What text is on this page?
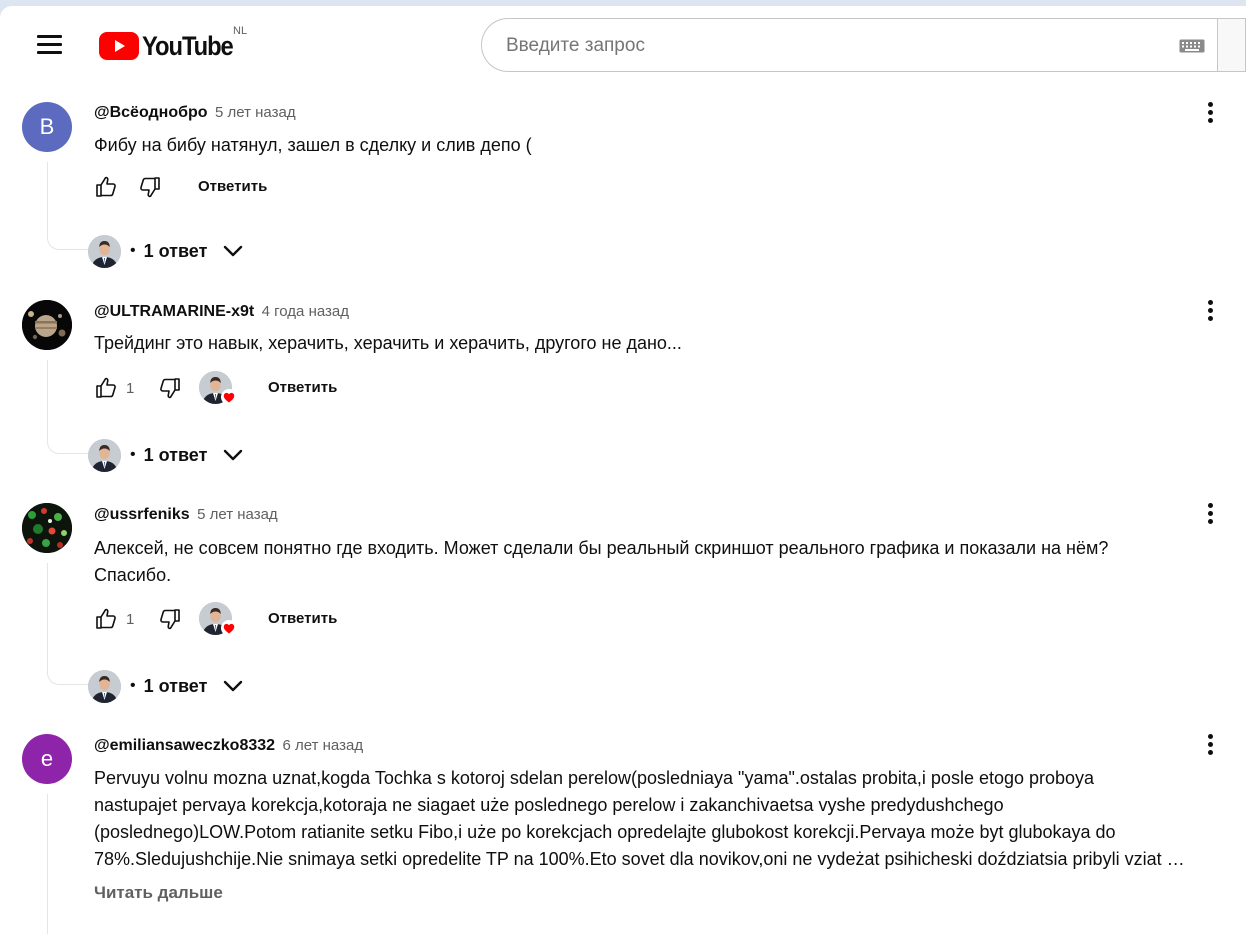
YouTube NL
Введите запрос
В
@Всёоднобро 5 лет назад
Фибу на бибу натянул, зашел в сделку и слив депо (
Ответить
• 1 ответ
@ULTRAMARINE-x9t 4 года назад
Трейдинг это навык, херачить, херачить и херачить, другого не дано...
1	Ответить
• 1 ответ
@ussrfeniks 5 лет назад
Алексей, не совсем понятно где входить. Может сделали бы реальный скриншот реального графика и показали на нём?
Спасибо.
1	Ответить
• 1 ответ
e
@emiliansaweczko8332 6 лет назад
Pervuyu volnu mozna uznat,kogda Tochka s kotoroj sdelan perelow(posledniaya "yama".ostalas probita,i posle etogo proboya
nastupajet pervaya korekcja,kotoraja ne siagaet uże poslednego perelow i zakanchivaetsa vyshe predydushchego
(poslednego)LOW.Potom ratianite setku Fibo,i uże po korekcjach opredelajte glubokost korekcji.Pervaya może byt glubokaya do
78%.Sledujushchije.Nie snimaya setki opredelite TP na 100%.Eto sovet dla novikov,oni ne vydeżat psihicheski doździatsia pribyli vziat …
Читать дальше
